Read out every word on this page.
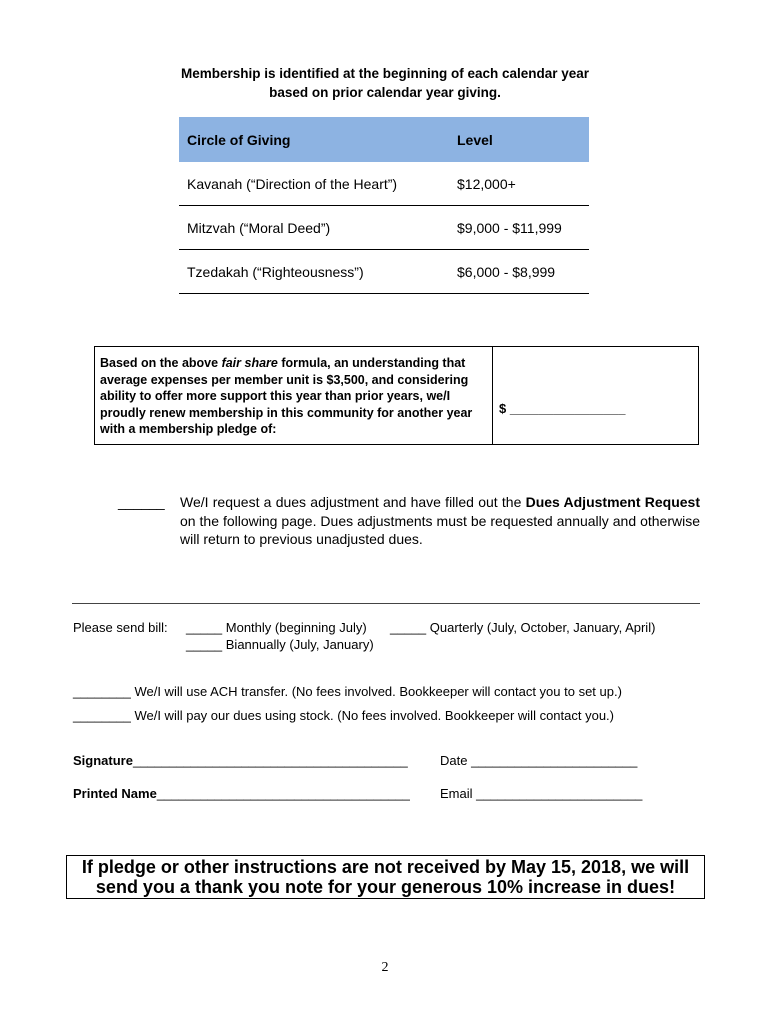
Membership is identified at the beginning of each calendar year
based on prior calendar year giving.
Circle of Giving	Level
Kavanah (“Direction of the Heart”)	$12,000+
Mitzvah (“Moral Deed”)	$9,000 - $11,999
Tzedakah (“Righteousness”)	$6,000 - $8,999
Based on the above fair share formula, an understanding that average expenses per member unit is $3,500, and considering ability to offer more support this year than prior years, we/I proudly renew membership in this community for another year with a membership pledge of:
$ ________________
______	We/I request a dues adjustment and have filled out the Dues Adjustment Request on the following page. Dues adjustments must be requested annually and otherwise will return to previous unadjusted dues.
Please send bill: _____ Monthly (beginning July) _____ Quarterly (July, October, January, April)
_____ Biannually (July, January)
________ We/I will use ACH transfer. (No fees involved. Bookkeeper will contact you to set up.)
________ We/I will pay our dues using stock. (No fees involved. Bookkeeper will contact you.)
Signature______________________________________ Date _______________________
Printed Name___________________________________ Email _______________________
If pledge or other instructions are not received by May 15, 2018, we will
send you a thank you note for your generous 10% increase in dues!
2
